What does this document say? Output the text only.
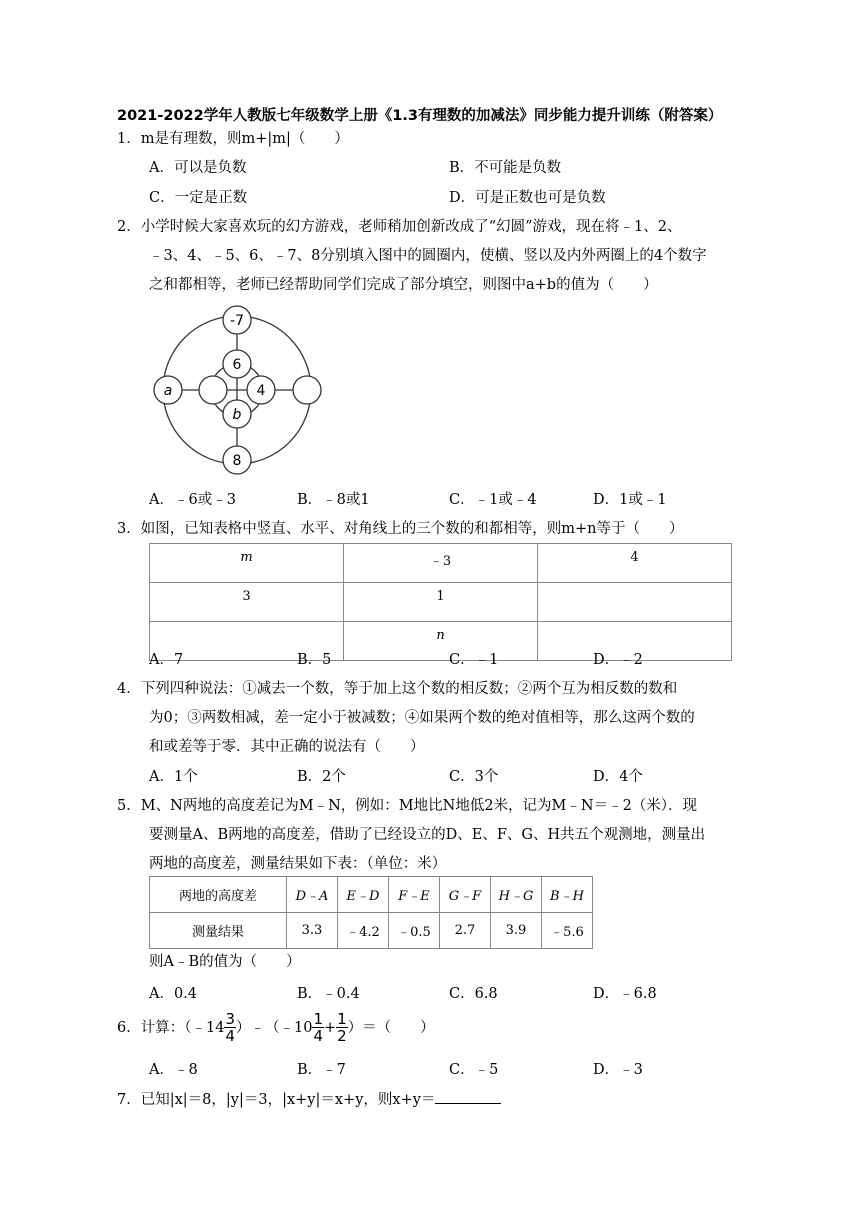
2021-2022学年人教版七年级数学上册《1.3有理数的加减法》同步能力提升训练（附答案）
1．m是有理数，则m+|m|（　　）
A．可以是负数	B．不可能是负数
C．一定是正数	D．可是正数也可是负数
2．小学时候大家喜欢玩的幻方游戏，老师稍加创新改成了“幻圆”游戏，现在将﹣1、2、
﹣3、4、﹣5、6、﹣7、8分别填入图中的圆圈内，使横、竖以及内外两圈上的4个数字
之和都相等，老师已经帮助同学们完成了部分填空，则图中a+b的值为（　　）
-7
6
4
b
a
8
A．﹣6或﹣3	B．﹣8或1	C．﹣1或﹣4	D．1或﹣1
3．如图，已知表格中竖直、水平、对角线上的三个数的和都相等，则m+n等于（　　）
m	﹣3	4
3	1	
	n	
A．7	B．5	C．﹣1	D．﹣2
4．下列四种说法：①减去一个数，等于加上这个数的相反数；②两个互为相反数的数和
为0；③两数相减，差一定小于被减数；④如果两个数的绝对值相等，那么这两个数的
和或差等于零．其中正确的说法有（　　）
A．1个	B．2个	C．3个	D．4个
5．M、N两地的高度差记为M﹣N，例如：M地比N地低2米，记为M﹣N＝﹣2（米）．现
要测量A、B两地的高度差，借助了已经设立的D、E、F、G、H共五个观测地，测量出
两地的高度差，测量结果如下表：（单位：米）
两地的高度差	D﹣A	E﹣D	F﹣E	G﹣F	H﹣G	B﹣H
测量结果	3.3	﹣4.2	﹣0.5	2.7	3.9	﹣5.6
则A﹣B的值为（　　）
A．0.4	B．﹣0.4	C．6.8	D．﹣6.8
6．计算：（﹣14 $\frac{3}{4}$ ）﹣（﹣10 $\frac{1}{4} + \frac{1}{2}$ ）＝（　　）
A．﹣8	B．﹣7	C．﹣5	D．﹣3
7．已知|x|＝8，|y|＝3，|x+y|＝x+y，则x+y＝
